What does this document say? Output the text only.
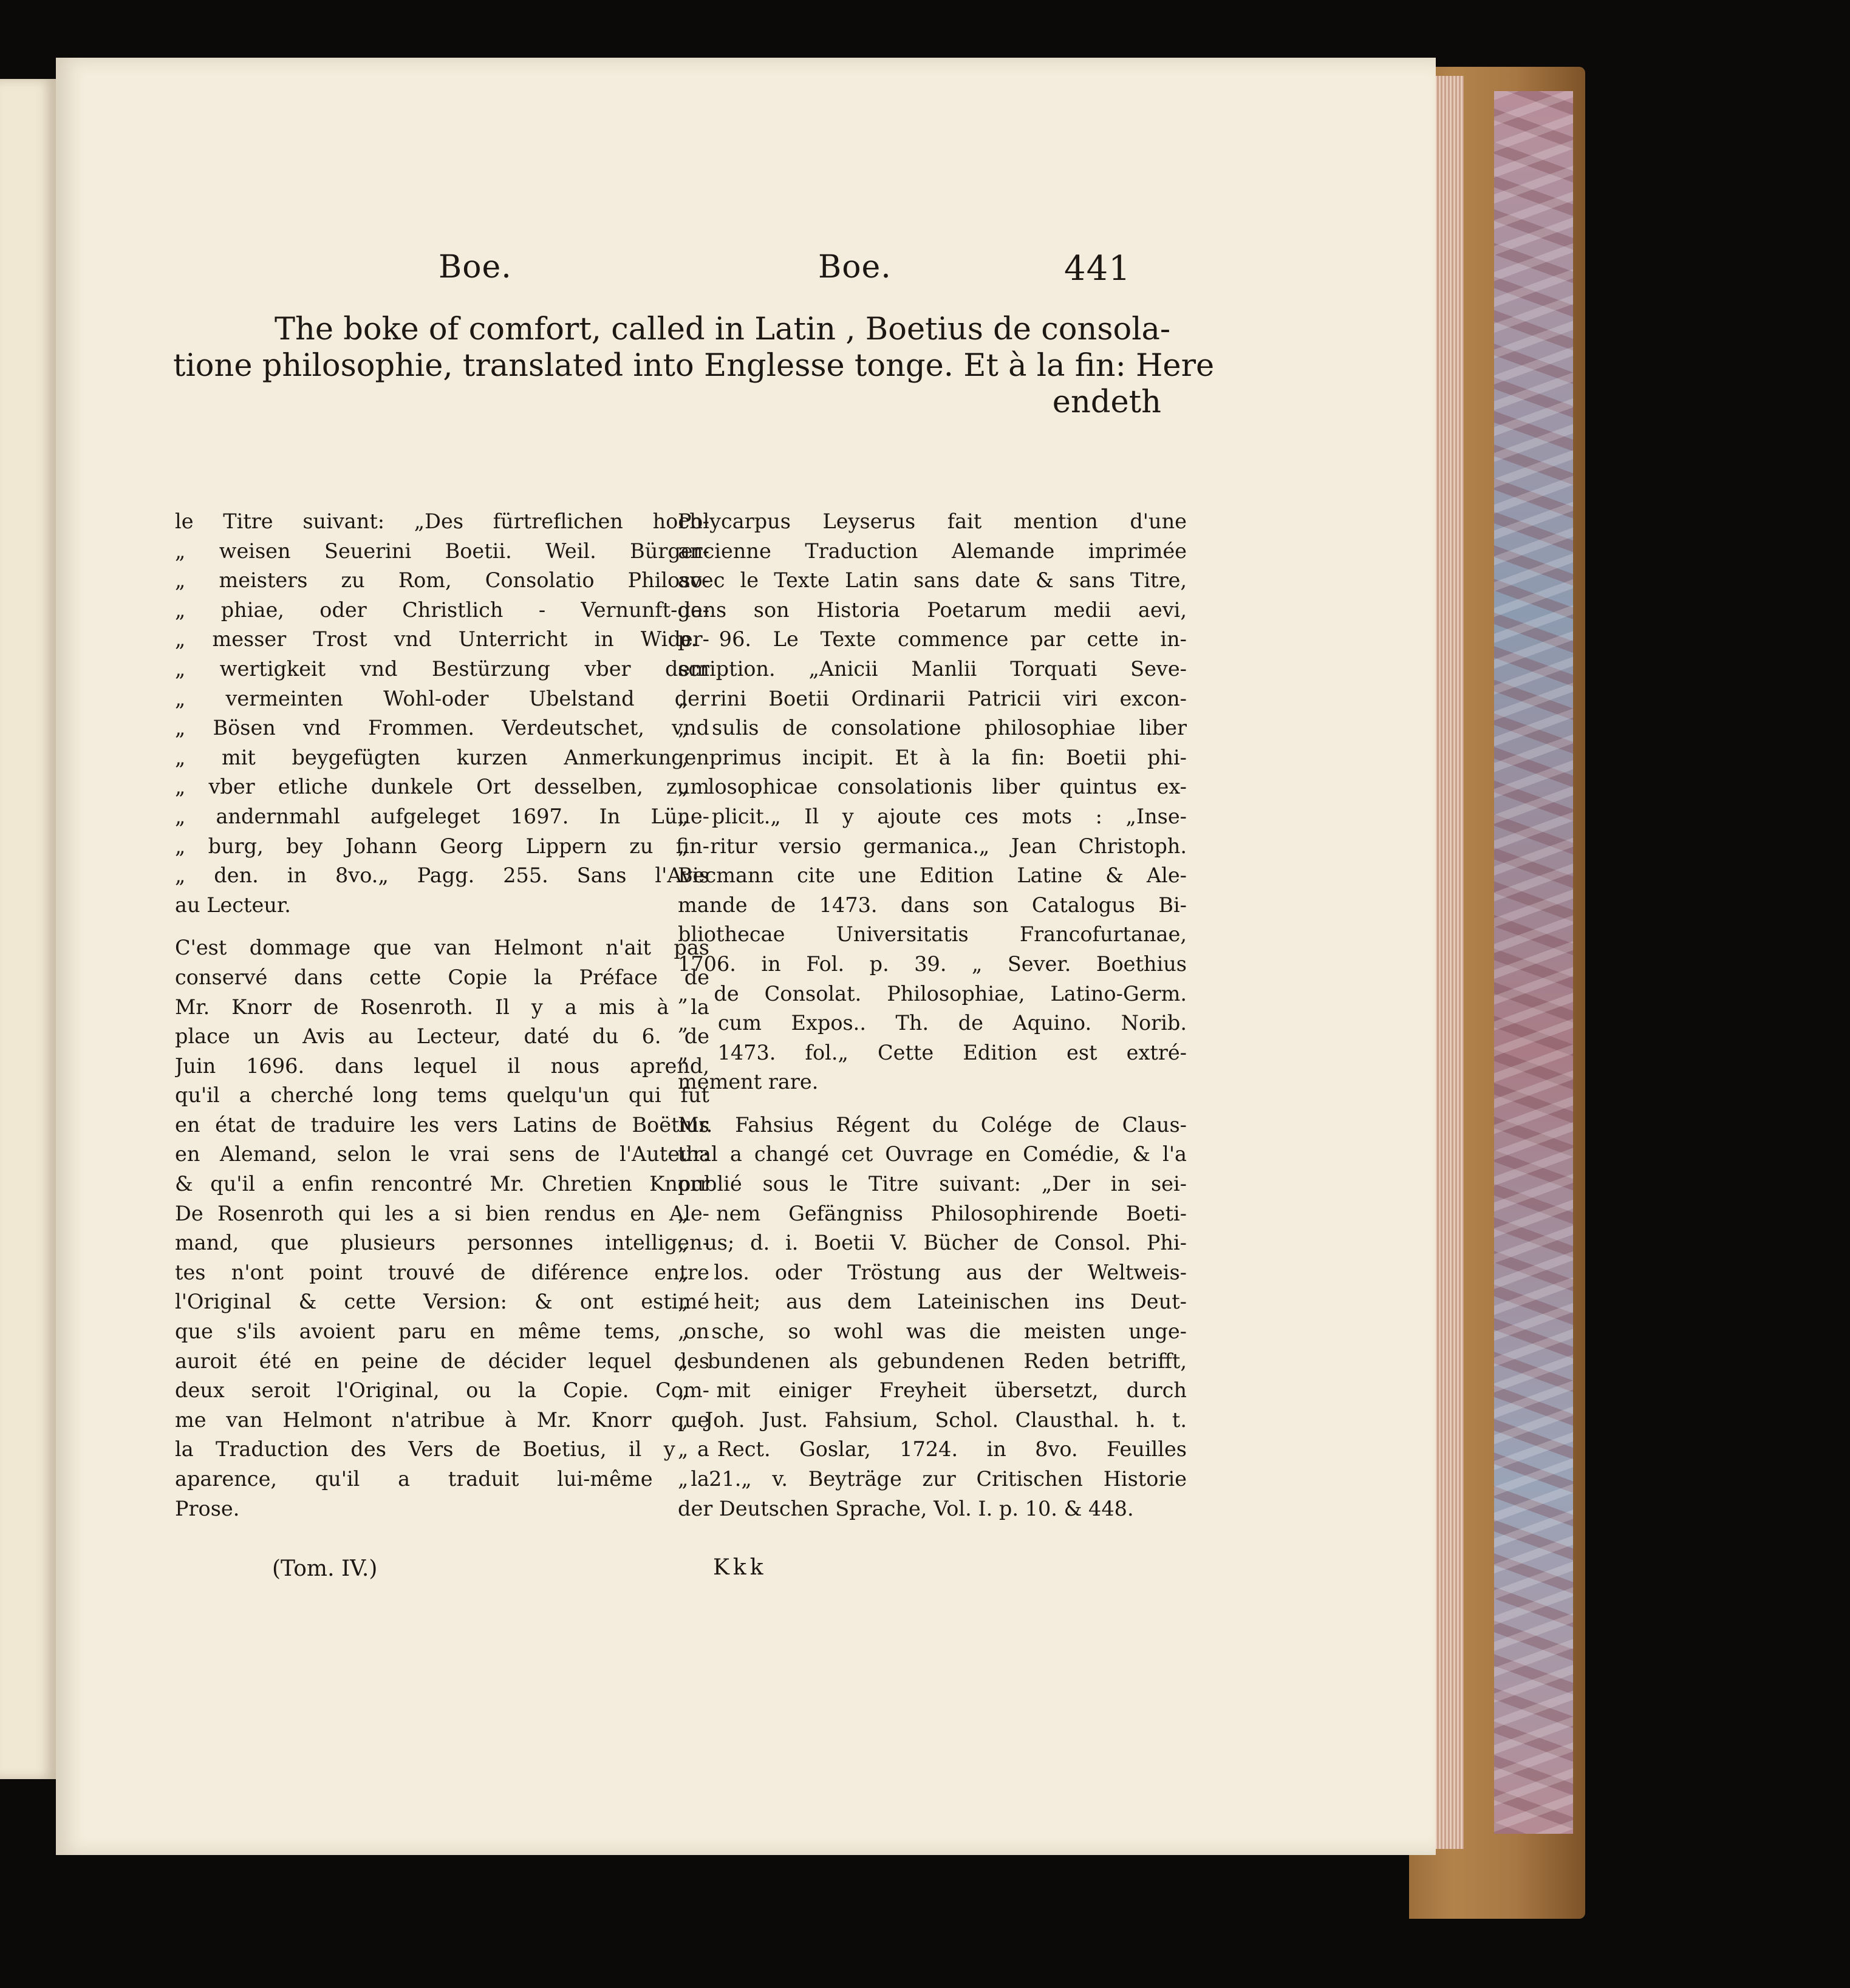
Boe.	Boe.	441
The boke of comfort, called in Latin , Boetius de consola-
tione philosophie, translated into Englesse tonge. Et à la fin: Here
endeth
le Titre suivant: „Des fürtreflichen hoch-
„ weisen Seuerini Boetii. Weil. Bürger-
„ meisters zu Rom, Consolatio Philoso-
„ phiae, oder Christlich - Vernunft-ge-
„ messer Trost vnd Unterricht in Wider-
„ wertigkeit vnd Bestürzung vber dem
„ vermeinten Wohl-oder Ubelstand der
„ Bösen vnd Frommen. Verdeutschet, vnd
„ mit beygefügten kurzen Anmerkungen
„ vber etliche dunkele Ort desselben, zum
„ andernmahl aufgeleget 1697. In Lüne-
„ burg, bey Johann Georg Lippern zu fin-
„ den. in 8vo.„ Pagg. 255. Sans l'Avis
au Lecteur.
C'est dommage que van Helmont n'ait pas
conservé dans cette Copie la Préface de
Mr. Knorr de Rosenroth. Il y a mis à la
place un Avis au Lecteur, daté du 6. de
Juin 1696. dans lequel il nous aprend,
qu'il a cherché long tems quelqu'un qui fut
en état de traduire les vers Latins de Boëtius
en Alemand, selon le vrai sens de l'Auteur:
& qu'il a enfin rencontré Mr. Chretien Knorr
De Rosenroth qui les a si bien rendus en Ale-
mand, que plusieurs personnes intelligen-
tes n'ont point trouvé de diférence entre
l'Original & cette Version: & ont estimé
que s'ils avoient paru en même tems, on
auroit été en peine de décider lequel des
deux seroit l'Original, ou la Copie. Com-
me van Helmont n'atribue à Mr. Knorr que
la Traduction des Vers de Boetius, il y a
aparence, qu'il a traduit lui-même la
Prose.
Polycarpus Leyserus fait mention d'une
ancienne Traduction Alemande imprimée
avec le Texte Latin sans date & sans Titre,
dans son Historia Poetarum medii aevi,
p. 96. Le Texte commence par cette in-
scription. „Anicii Manlii Torquati Seve-
„ rini Boetii Ordinarii Patricii viri excon-
„ sulis de consolatione philosophiae liber
„ primus incipit. Et à la fin: Boetii phi-
„ losophicae consolationis liber quintus ex-
„ plicit.„ Il y ajoute ces mots : „Inse-
„ ritur versio germanica.„ Jean Christoph.
Becmann cite une Edition Latine & Ale-
mande de 1473. dans son Catalogus Bi-
bliothecae Universitatis Francofurtanae,
1706. in Fol. p. 39. „ Sever. Boethius
„ de Consolat. Philosophiae, Latino-Germ.
„ cum Expos.. Th. de Aquino. Norib.
„ 1473. fol.„ Cette Edition est extré-
mement rare.
Mr. Fahsius Régent du Colége de Claus-
thal a changé cet Ouvrage en Comédie, & l'a
publié sous le Titre suivant: „Der in sei-
„ nem Gefängniss Philosophirende Boeti-
„ us; d. i. Boetii V. Bücher de Consol. Phi-
„ los. oder Tröstung aus der Weltweis-
„ heit; aus dem Lateinischen ins Deut-
„ sche, so wohl was die meisten unge-
„ bundenen als gebundenen Reden betrifft,
„ mit einiger Freyheit übersetzt, durch
„ Joh. Just. Fahsium, Schol. Clausthal. h. t.
„ Rect. Goslar, 1724. in 8vo. Feuilles
„ 21.„ v. Beyträge zur Critischen Historie
der Deutschen Sprache, Vol. I. p. 10. & 448.
(Tom. IV.)	Kkk
